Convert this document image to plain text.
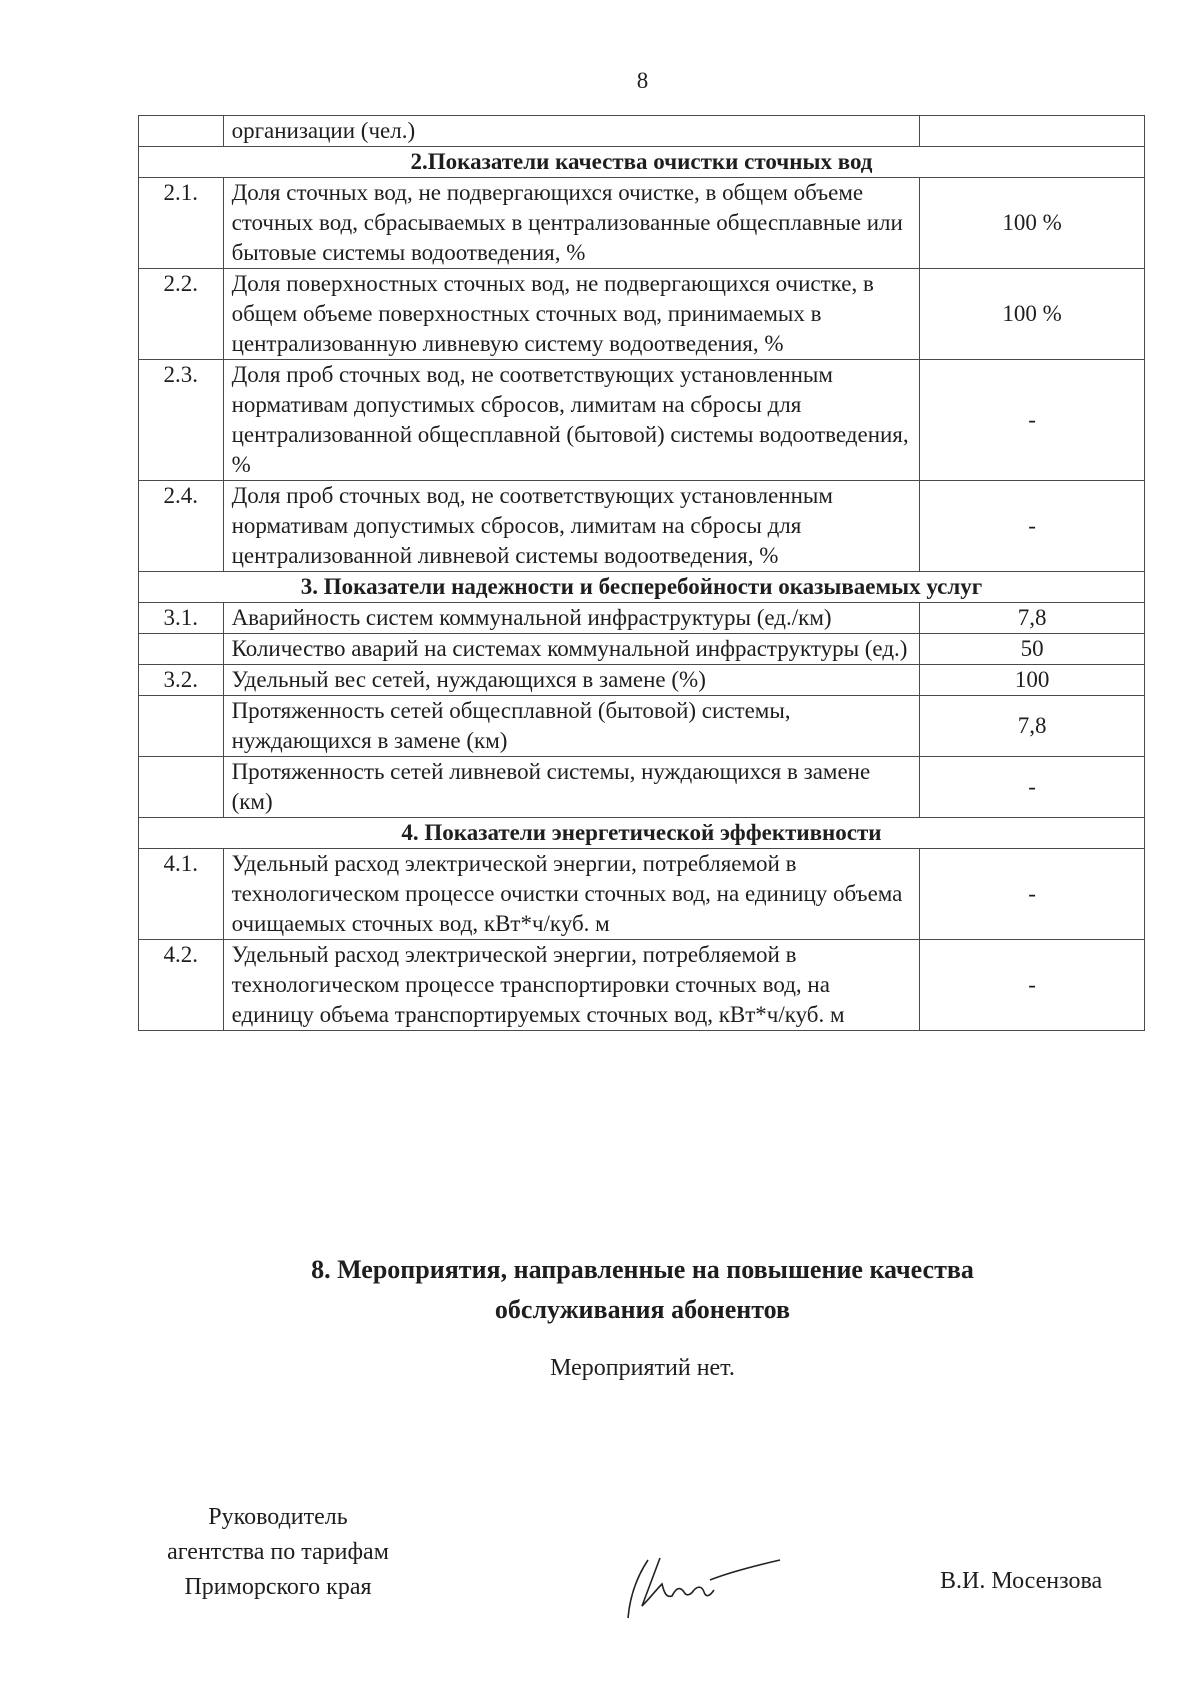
8
	организации (чел.)	
2.Показатели качества очистки сточных вод		
2.1.	Доля сточных вод, не подвергающихся очистке, в общем объеме сточных вод, сбрасываемых в централизованные общесплавные или бытовые системы водоотведения, %	100 %
2.2.	Доля поверхностных сточных вод, не подвергающихся очистке, в общем объеме поверхностных сточных вод, принимаемых в централизованную ливневую систему водоотведения, %	100 %
2.3.	Доля проб сточных вод, не соответствующих установленным нормативам допустимых сбросов, лимитам на сбросы для централизованной общесплавной (бытовой) системы водоотведения, %	-
2.4.	Доля проб сточных вод, не соответствующих установленным нормативам допустимых сбросов, лимитам на сбросы для централизованной ливневой системы водоотведения, %	-
3. Показатели надежности и бесперебойности оказываемых услуг		
3.1.	Аварийность систем коммунальной инфраструктуры (ед./км)	7,8
	Количество аварий на системах коммунальной инфраструктуры (ед.)	50
3.2.	Удельный вес сетей, нуждающихся в замене (%)	100
	Протяженность сетей общесплавной (бытовой) системы, нуждающихся в замене (км)	7,8
	Протяженность сетей ливневой системы, нуждающихся в замене (км)	-
4. Показатели энергетической эффективности		
4.1.	Удельный расход электрической энергии, потребляемой в технологическом процессе очистки сточных вод, на единицу объема очищаемых сточных вод, кВт*ч/куб. м	-
4.2.	Удельный расход электрической энергии, потребляемой в технологическом процессе транспортировки сточных вод, на единицу объема транспортируемых сточных вод, кВт*ч/куб. м	-
8. Мероприятия, направленные на повышение качества
обслуживания абонентов
Мероприятий нет.
Руководитель
агентства по тарифам
Приморского края	В.И. Мосензова
